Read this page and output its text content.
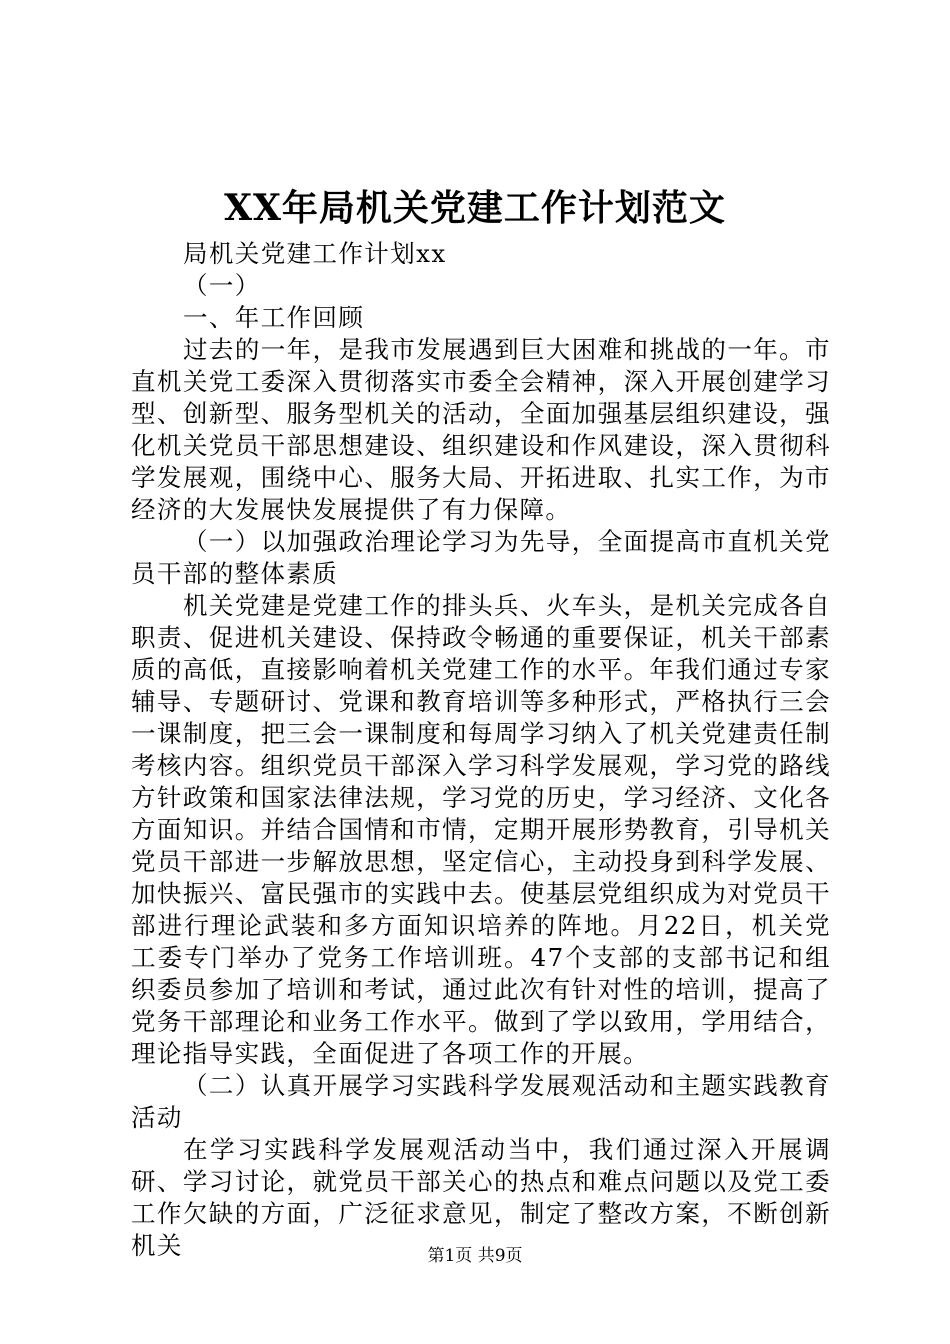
XX年局机关党建工作计划范文
局机关党建工作计划xx
（一）
一、年工作回顾

过去的一年，是我市发展遇到巨大困难和挑战的一年。市直机关党工委深入贯彻落实市委全会精神，深入开展创建学习型、创新型、服务型机关的活动，全面加强基层组织建设，强化机关党员干部思想建设、组织建设和作风建设，深入贯彻科学发展观，围绕中心、服务大局、开拓进取、扎实工作，为市经济的大发展快发展提供了有力保障。

（一）以加强政治理论学习为先导，全面提高市直机关党员干部的整体素质

机关党建是党建工作的排头兵、火车头，是机关完成各自职责、促进机关建设、保持政令畅通的重要保证，机关干部素质的高低，直接影响着机关党建工作的水平。年我们通过专家辅导、专题研讨、党课和教育培训等多种形式，严格执行三会一课制度，把三会一课制度和每周学习纳入了机关党建责任制考核内容。组织党员干部深入学习科学发展观，学习党的路线方针政策和国家法律法规，学习党的历史，学习经济、文化各方面知识。并结合国情和市情，定期开展形势教育，引导机关党员干部进一步解放思想，坚定信心，主动投身到科学发展、加快振兴、富民强市的实践中去。使基层党组织成为对党员干部进行理论武装和多方面知识培养的阵地。月22日，机关党工委专门举办了党务工作培训班。47个支部的支部书记和组织委员参加了培训和考试，通过此次有针对性的培训，提高了党务干部理论和业务工作水平。做到了学以致用，学用结合，理论指导实践，全面促进了各项工作的开展。

（二）认真开展学习实践科学发展观活动和主题实践教育活动

在学习实践科学发展观活动当中，我们通过深入开展调研、学习讨论，就党员干部关心的热点和难点问题以及党工委工作欠缺的方面，广泛征求意见，制定了整改方案，不断创新机关	第1页 共9页
